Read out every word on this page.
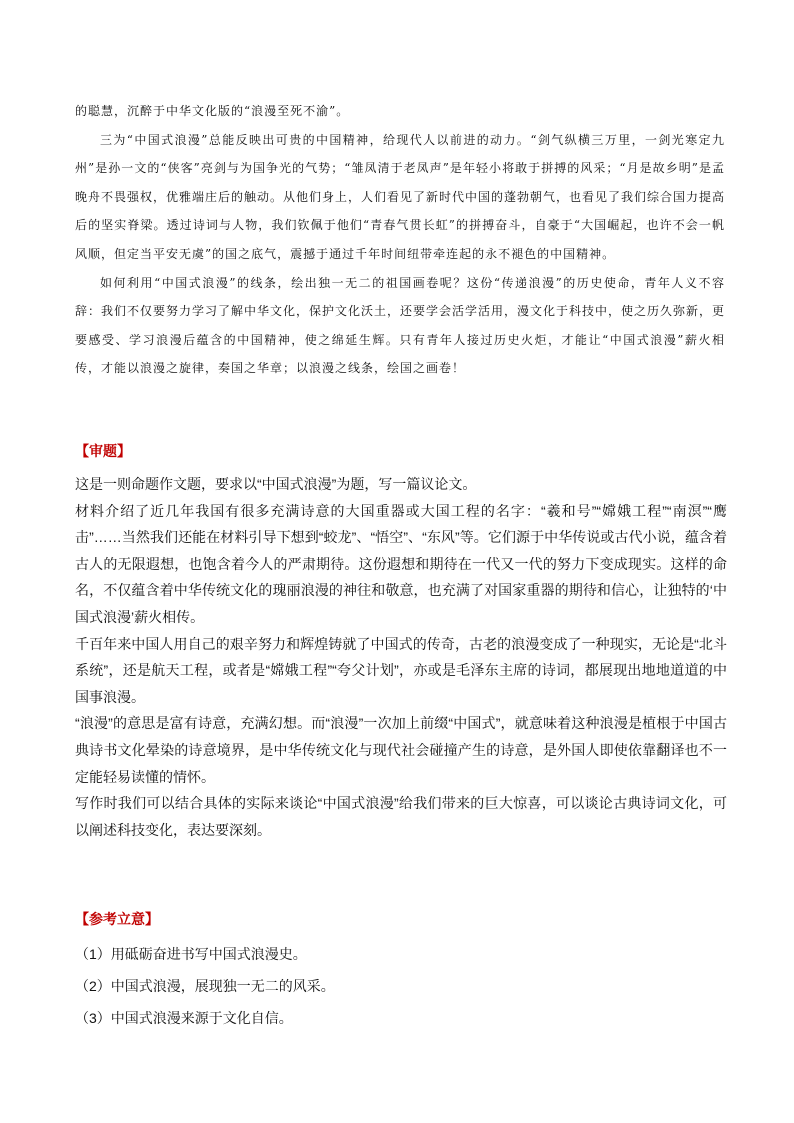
的聪慧，沉醉于中华文化版的“浪漫至死不渝”。

三为“中国式浪漫”总能反映出可贵的中国精神，给现代人以前进的动力。“剑气纵横三万里，一剑光寒定九州”是孙一文的“侠客”亮剑与为国争光的气势；“雏凤清于老凤声”是年轻小将敢于拼搏的风采；“月是故乡明”是孟晚舟不畏强权，优雅端庄后的触动。从他们身上，人们看见了新时代中国的蓬勃朝气，也看见了我们综合国力提高后的坚实脊梁。透过诗词与人物，我们钦佩于他们“青春气贯长虹”的拼搏奋斗，自豪于“大国崛起，也许不会一帆风顺，但定当平安无虞”的国之底气，震撼于通过千年时间纽带牵连起的永不褪色的中国精神。

如何利用“中国式浪漫”的线条，绘出独一无二的祖国画卷呢？这份“传递浪漫”的历史使命，青年人义不容辞：我们不仅要努力学习了解中华文化，保护文化沃土，还要学会活学活用，漫文化于科技中，使之历久弥新，更要感受、学习浪漫后蕴含的中国精神，使之绵延生辉。只有青年人接过历史火炬，才能让“中国式浪漫”薪火相传，才能以浪漫之旋律，奏国之华章；以浪漫之线条，绘国之画卷！

【审题】

这是一则命题作文题，要求以“中国式浪漫”为题，写一篇议论文。

材料介绍了近几年我国有很多充满诗意的大国重器或大国工程的名字：“羲和号”“嫦娥工程”“南溟”“鹰击”……当然我们还能在材料引导下想到“蛟龙”、“悟空”、“东风”等。它们源于中华传说或古代小说，蕴含着古人的无限遐想，也饱含着今人的严肃期待。这份遐想和期待在一代又一代的努力下变成现实。这样的命名，不仅蕴含着中华传统文化的瑰丽浪漫的神往和敬意，也充满了对国家重器的期待和信心，让独特的‘中国式浪漫’薪火相传。

千百年来中国人用自己的艰辛努力和辉煌铸就了中国式的传奇，古老的浪漫变成了一种现实，无论是“北斗系统”，还是航天工程，或者是“嫦娥工程”“夸父计划”，亦或是毛泽东主席的诗词，都展现出地地道道的中国事浪漫。

“浪漫”的意思是富有诗意，充满幻想。而“浪漫”一次加上前缀“中国式”，就意味着这种浪漫是植根于中国古典诗书文化晕染的诗意境界，是中华传统文化与现代社会碰撞产生的诗意，是外国人即使依靠翻译也不一定能轻易读懂的情怀。

写作时我们可以结合具体的实际来谈论“中国式浪漫”给我们带来的巨大惊喜，可以谈论古典诗词文化，可以阐述科技变化，表达要深刻。

【参考立意】

（1）用砥砺奋进书写中国式浪漫史。

（2）中国式浪漫，展现独一无二的风采。

（3）中国式浪漫来源于文化自信。
